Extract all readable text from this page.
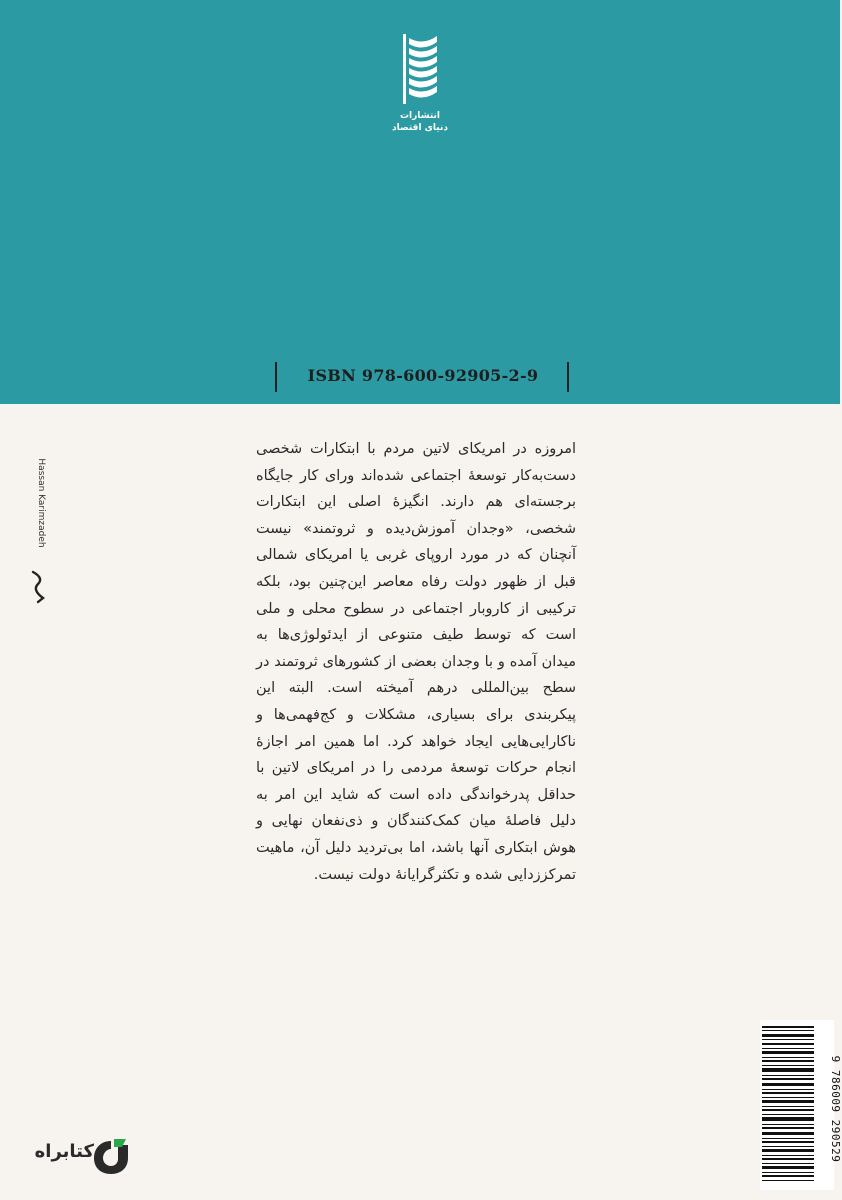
انتشارات
دنیای اقتصاد
ISBN 978-600-92905-2-9
Hassan Karimzadeh

امروزه در امریکای لاتین مردم با ابتکارات شخصی دست‌به‌کار توسعهٔ اجتماعی شده‌اند ورای کار جایگاه برجسته‌ای هم دارند. انگیزهٔ اصلی این ابتکارات شخصی، «وجدان آموزش‌دیده و ثروتمند» نیست آنچنان که در مورد اروپای غربی یا امریکای شمالی قبل از ظهور دولت رفاه معاصر این‌چنین بود، بلکه ترکیبی از کاروبار اجتماعی در سطوح محلی و ملی است که توسط طیف متنوعی از ایدئولوژی‌ها به میدان آمده و با وجدان بعضی از کشورهای ثروتمند در سطح بین‌المللی درهم آمیخته است. البته این پیکربندی برای بسیاری، مشکلات و کج‌فهمی‌ها و ناکارایی‌هایی ایجاد خواهد کرد. اما همین امر اجازهٔ انجام حرکات توسعهٔ مردمی را در امریکای لاتین با حداقل پدرخواندگی داده است که شاید این امر به دلیل فاصلهٔ میان کمک‌کنندگان و ذی‌نفعان نهایی و هوش ابتکاری آنها باشد، اما بی‌تردید دلیل آن، ماهیت تمرکززدایی شده و تکثرگرایانهٔ دولت نیست.

9 786009 290529
کتابراه
